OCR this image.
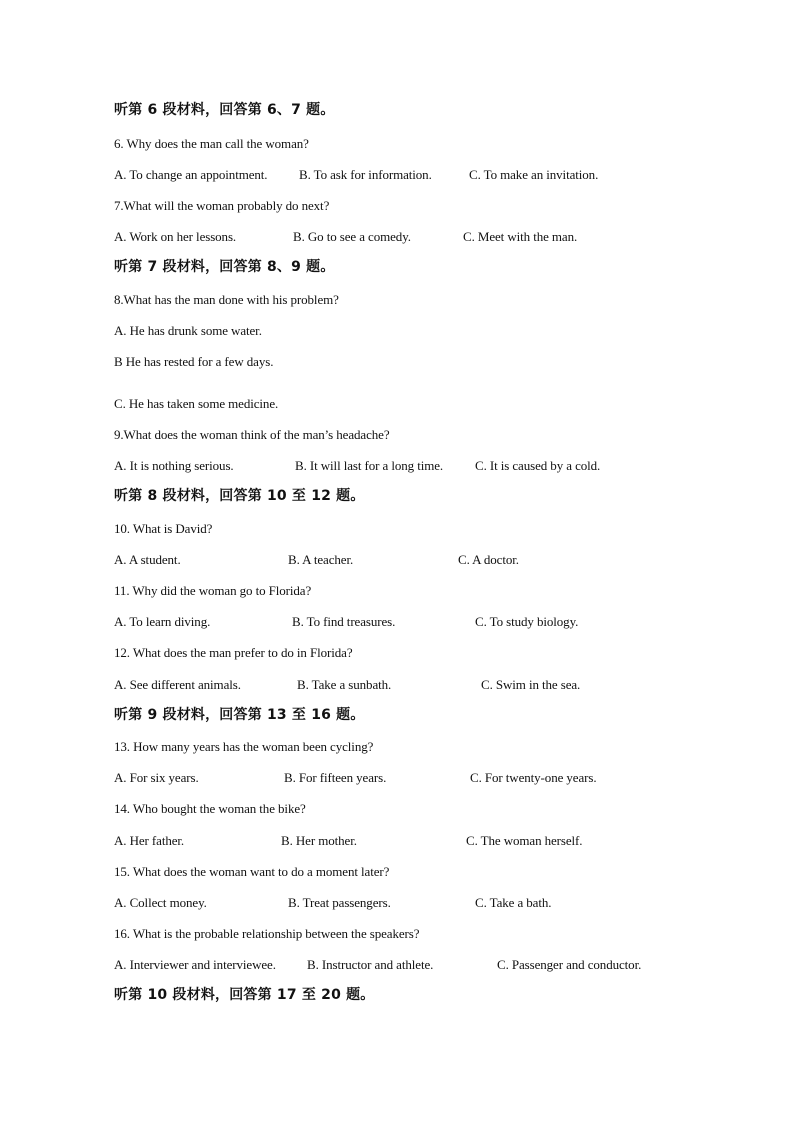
听第 6 段材料，回答第 6、7 题。
6. Why does the man call the woman?
A. To change an appointment. B. To ask for information.	C. To make an invitation.
7.What will the woman probably do next?
A. Work on her lessons.	B. Go to see a comedy.	C. Meet with the man.
听第 7 段材料，回答第 8、9 题。
8.What has the man done with his problem?
A. He has drunk some water.
B He has rested for a few days.
C. He has taken some medicine.
9.What does the woman think of the man’s headache?
A. It is nothing serious.	B. It will last for a long time. C. It is caused by a cold.
听第 8 段材料，回答第 10 至 12 题。
10. What is David?
A. A student.	B. A teacher.	C. A doctor.
11. Why did the woman go to Florida?
A. To learn diving.	B. To find treasures.	C. To study biology.
12. What does the man prefer to do in Florida?
A. See different animals.	B. Take a sunbath.	C. Swim in the sea.
听第 9 段材料，回答第 13 至 16 题。
13. How many years has the woman been cycling?
A. For six years.	B. For fifteen years.	C. For twenty-one years.
14. Who bought the woman the bike?
A. Her father.	B. Her mother.	C. The woman herself.
15. What does the woman want to do a moment later?
A. Collect money.	B. Treat passengers.	C. Take a bath.
16. What is the probable relationship between the speakers?
A. Interviewer and interviewee. B. Instructor and athlete.	C. Passenger and conductor.
听第 10 段材料，回答第 17 至 20 题。
